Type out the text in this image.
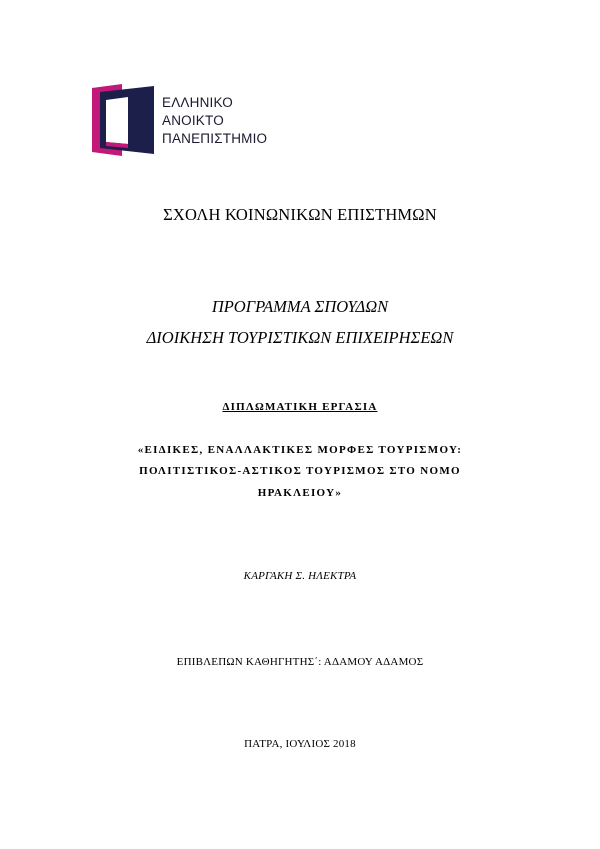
ΕΛΛΗΝΙΚΟ
ΑΝΟΙΚΤΟ
ΠΑΝΕΠΙΣΤΗΜΙΟ
ΣΧΟΛΗ ΚΟΙΝΩΝΙΚΩΝ ΕΠΙΣΤΗΜΩΝ
ΠΡΟΓΡΑΜΜΑ ΣΠΟΥΔΩΝ
ΔΙΟΙΚΗΣΗ ΤΟΥΡΙΣΤΙΚΩΝ ΕΠΙΧΕΙΡΗΣΕΩΝ
ΔΙΠΛΩΜΑΤΙΚΗ ΕΡΓΑΣΙΑ
«ΕΙΔΙΚΕΣ, ΕΝΑΛΛΑΚΤΙΚΕΣ ΜΟΡΦΕΣ ΤΟΥΡΙΣΜΟΥ:
ΠΟΛΙΤΙΣΤΙΚΟΣ-ΑΣΤΙΚΟΣ ΤΟΥΡΙΣΜΟΣ ΣΤΟ ΝΟΜΟ
ΗΡΑΚΛΕΙΟΥ»
ΚΑΡΓΑΚΗ Σ. ΗΛΕΚΤΡΑ
ΕΠΙΒΛΕΠΩΝ ΚΑΘΗΓΗΤΗΣ΄: ΑΔΑΜΟΥ ΑΔΑΜΟΣ
ΠΑΤΡΑ, ΙΟΥΛΙΟΣ 2018
